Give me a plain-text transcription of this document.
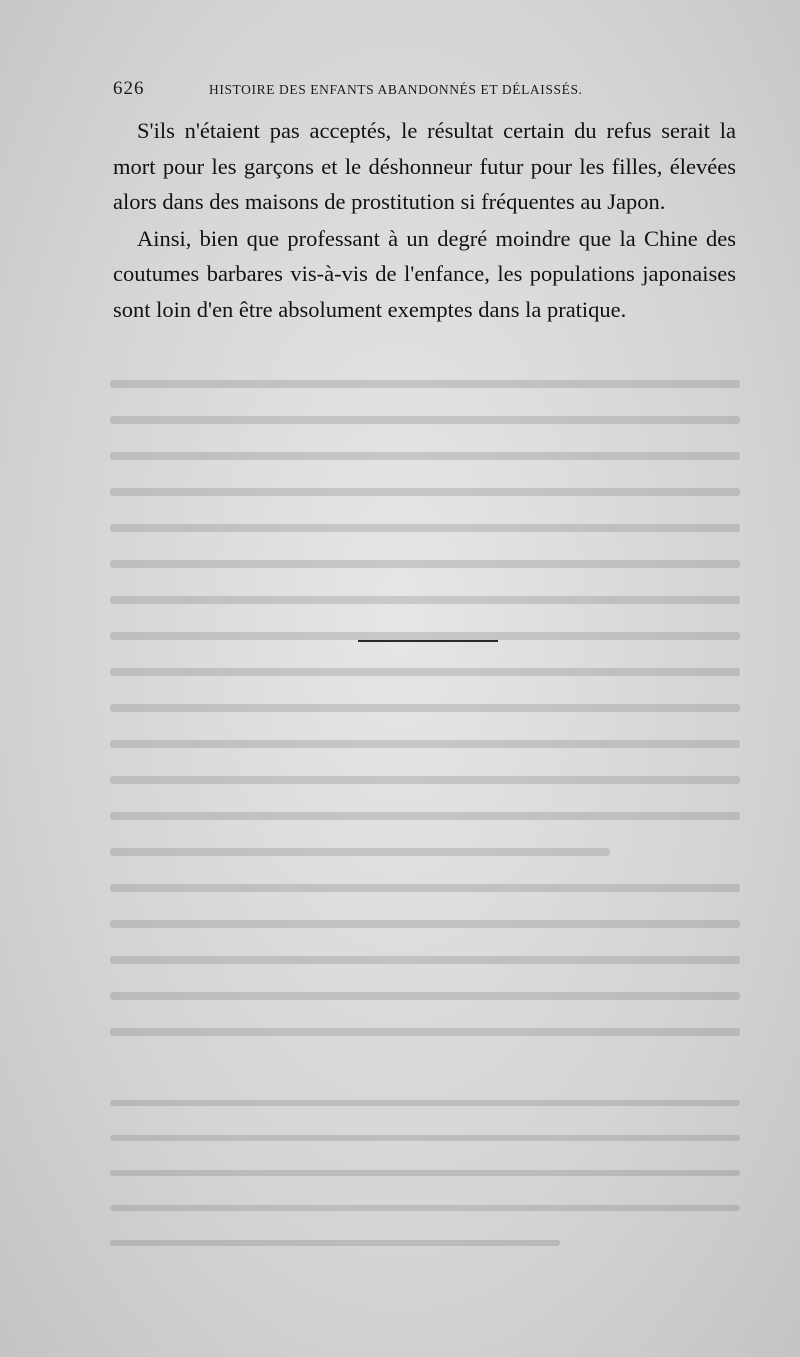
626	HISTOIRE DES ENFANTS ABANDONNÉS ET DÉLAISSÉS.

S'ils n'étaient pas acceptés, le résultat certain du refus serait la mort pour les garçons et le déshonneur futur pour les filles, élevées alors dans des maisons de prostitution si fréquentes au Japon.

Ainsi, bien que professant à un degré moindre que la Chine des coutumes barbares vis-à-vis de l'enfance, les populations japonaises sont loin d'en être absolument exemptes dans la pratique.
